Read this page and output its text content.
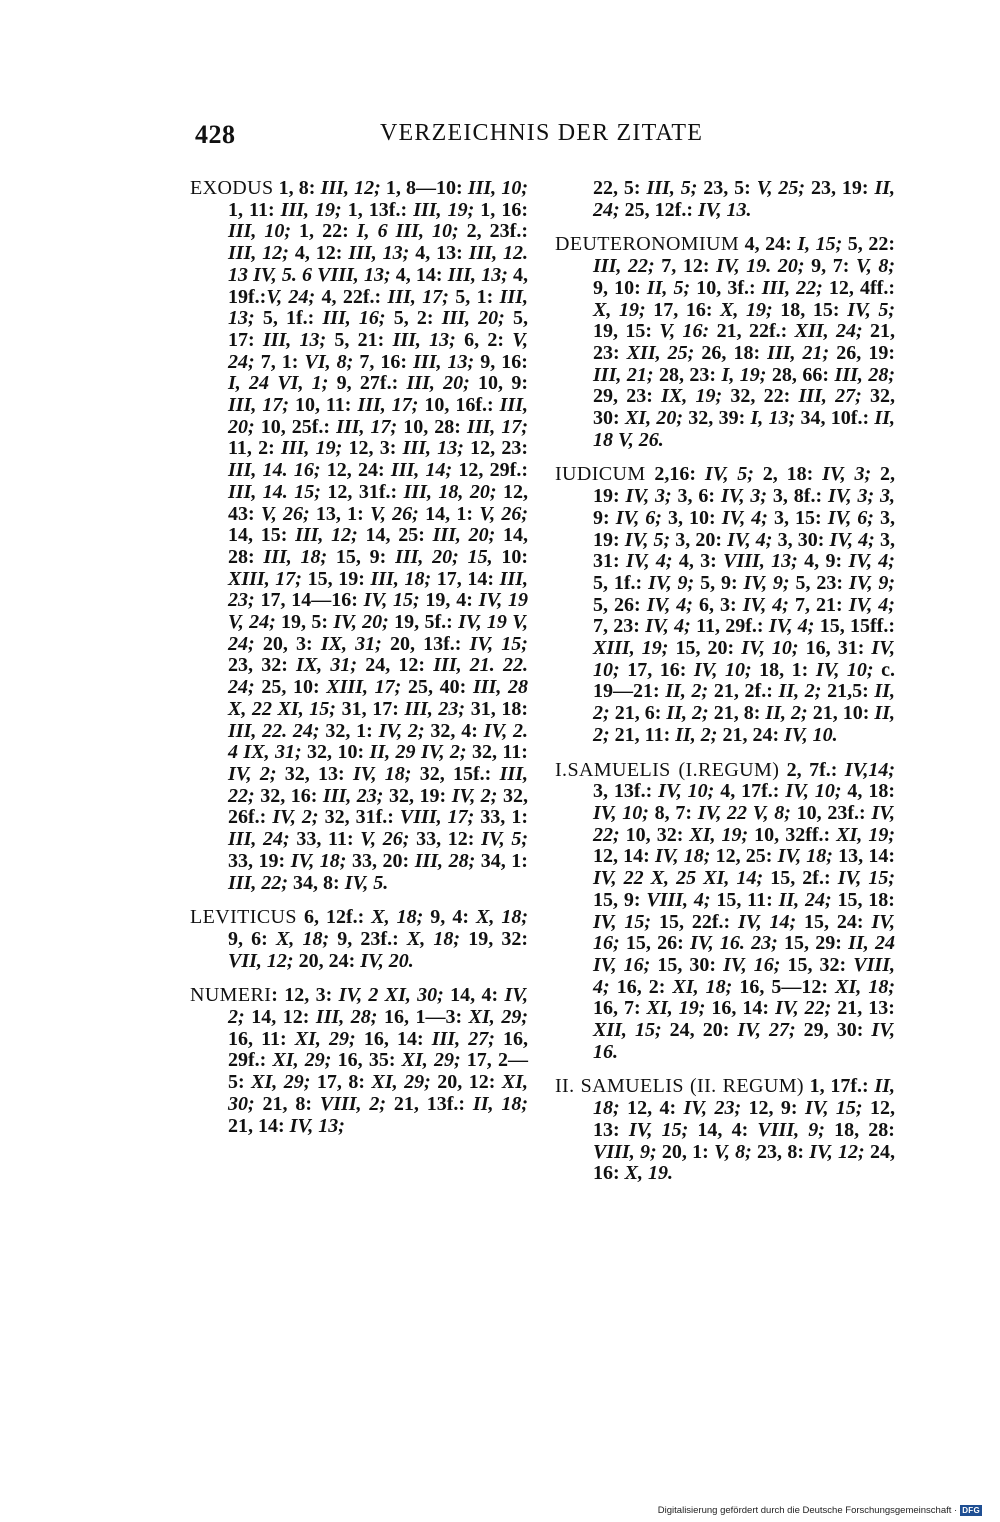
428	VERZEICHNIS DER ZITATE

EXODUS 1, 8: III, 12; 1, 8—10: III, 10; 1, 11: III, 19; 1, 13f.: III, 19; 1, 16: III, 10; 1, 22: I, 6 III, 10; 2, 23f.: III, 12; 4, 12: III, 13; 4, 13: III, 12. 13 IV, 5. 6 VIII, 13; 4, 14: III, 13; 4, 19f.:V, 24; 4, 22f.: III, 17; 5, 1: III, 13; 5, 1f.: III, 16; 5, 2: III, 20; 5, 17: III, 13; 5, 21: III, 13; 6, 2: V, 24; 7, 1: VI, 8; 7, 16: III, 13; 9, 16: I, 24 VI, 1; 9, 27f.: III, 20; 10, 9: III, 17; 10, 11: III, 17; 10, 16f.: III, 20; 10, 25f.: III, 17; 10, 28: III, 17; 11, 2: III, 19; 12, 3: III, 13; 12, 23: III, 14. 16; 12, 24: III, 14; 12, 29f.: III, 14. 15; 12, 31f.: III, 18, 20; 12, 43: V, 26; 13, 1: V, 26; 14, 1: V, 26; 14, 15: III, 12; 14, 25: III, 20; 14, 28: III, 18; 15, 9: III, 20; 15, 10: XIII, 17; 15, 19: III, 18; 17, 14: III, 23; 17, 14—16: IV, 15; 19, 4: IV, 19 V, 24; 19, 5: IV, 20; 19, 5f.: IV, 19 V, 24; 20, 3: IX, 31; 20, 13f.: IV, 15; 23, 32: IX, 31; 24, 12: III, 21. 22. 24; 25, 10: XIII, 17; 25, 40: III, 28 X, 22 XI, 15; 31, 17: III, 23; 31, 18: III, 22. 24; 32, 1: IV, 2; 32, 4: IV, 2. 4 IX, 31; 32, 10: II, 29 IV, 2; 32, 11: IV, 2; 32, 13: IV, 18; 32, 15f.: III, 22; 32, 16: III, 23; 32, 19: IV, 2; 32, 26f.: IV, 2; 32, 31f.: VIII, 17; 33, 1: III, 24; 33, 11: V, 26; 33, 12: IV, 5; 33, 19: IV, 18; 33, 20: III, 28; 34, 1: III, 22; 34, 8: IV, 5.

LEVITICUS 6, 12f.: X, 18; 9, 4: X, 18; 9, 6: X, 18; 9, 23f.: X, 18; 19, 32: VII, 12; 20, 24: IV, 20.

NUMERI: 12, 3: IV, 2 XI, 30; 14, 4: IV, 2; 14, 12: III, 28; 16, 1—3: XI, 29; 16, 11: XI, 29; 16, 14: III, 27; 16, 29f.: XI, 29; 16, 35: XI, 29; 17, 2—5: XI, 29; 17, 8: XI, 29; 20, 12: XI, 30; 21, 8: VIII, 2; 21, 13f.: II, 18; 21, 14: IV, 13;

22, 5: III, 5; 23, 5: V, 25; 23, 19: II, 24; 25, 12f.: IV, 13.

DEUTERONOMIUM 4, 24: I, 15; 5, 22: III, 22; 7, 12: IV, 19. 20; 9, 7: V, 8; 9, 10: II, 5; 10, 3f.: III, 22; 12, 4ff.: X, 19; 17, 16: X, 19; 18, 15: IV, 5; 19, 15: V, 16: 21, 22f.: XII, 24; 21, 23: XII, 25; 26, 18: III, 21; 26, 19: III, 21; 28, 23: I, 19; 28, 66: III, 28; 29, 23: IX, 19; 32, 22: III, 27; 32, 30: XI, 20; 32, 39: I, 13; 34, 10f.: II, 18 V, 26.

IUDICUM 2,16: IV, 5; 2, 18: IV, 3; 2, 19: IV, 3; 3, 6: IV, 3; 3, 8f.: IV, 3; 3, 9: IV, 6; 3, 10: IV, 4; 3, 15: IV, 6; 3, 19: IV, 5; 3, 20: IV, 4; 3, 30: IV, 4; 3, 31: IV, 4; 4, 3: VIII, 13; 4, 9: IV, 4; 5, 1f.: IV, 9; 5, 9: IV, 9; 5, 23: IV, 9; 5, 26: IV, 4; 6, 3: IV, 4; 7, 21: IV, 4; 7, 23: IV, 4; 11, 29f.: IV, 4; 15, 15ff.: XIII, 19; 15, 20: IV, 10; 16, 31: IV, 10; 17, 16: IV, 10; 18, 1: IV, 10; c. 19—21: II, 2; 21, 2f.: II, 2; 21,5: II, 2; 21, 6: II, 2; 21, 8: II, 2; 21, 10: II, 2; 21, 11: II, 2; 21, 24: IV, 10.

I.SAMUELIS (I.REGUM) 2, 7f.: IV,14; 3, 13f.: IV, 10; 4, 17f.: IV, 10; 4, 18: IV, 10; 8, 7: IV, 22 V, 8; 10, 23f.: IV, 22; 10, 32: XI, 19; 10, 32ff.: XI, 19; 12, 14: IV, 18; 12, 25: IV, 18; 13, 14: IV, 22 X, 25 XI, 14; 15, 2f.: IV, 15; 15, 9: VIII, 4; 15, 11: II, 24; 15, 18: IV, 15; 15, 22f.: IV, 14; 15, 24: IV, 16; 15, 26: IV, 16. 23; 15, 29: II, 24 IV, 16; 15, 30: IV, 16; 15, 32: VIII, 4; 16, 2: XI, 18; 16, 5—12: XI, 18; 16, 7: XI, 19; 16, 14: IV, 22; 21, 13: XII, 15; 24, 20: IV, 27; 29, 30: IV, 16.

II. SAMUELIS (II. REGUM) 1, 17f.: II, 18; 12, 4: IV, 23; 12, 9: IV, 15; 12, 13: IV, 15; 14, 4: VIII, 9; 18, 28: VIII, 9; 20, 1: V, 8; 23, 8: IV, 12; 24, 16: X, 19.

Digitalisierung gefördert durch die Deutsche Forschungsgemeinschaft · DFG
